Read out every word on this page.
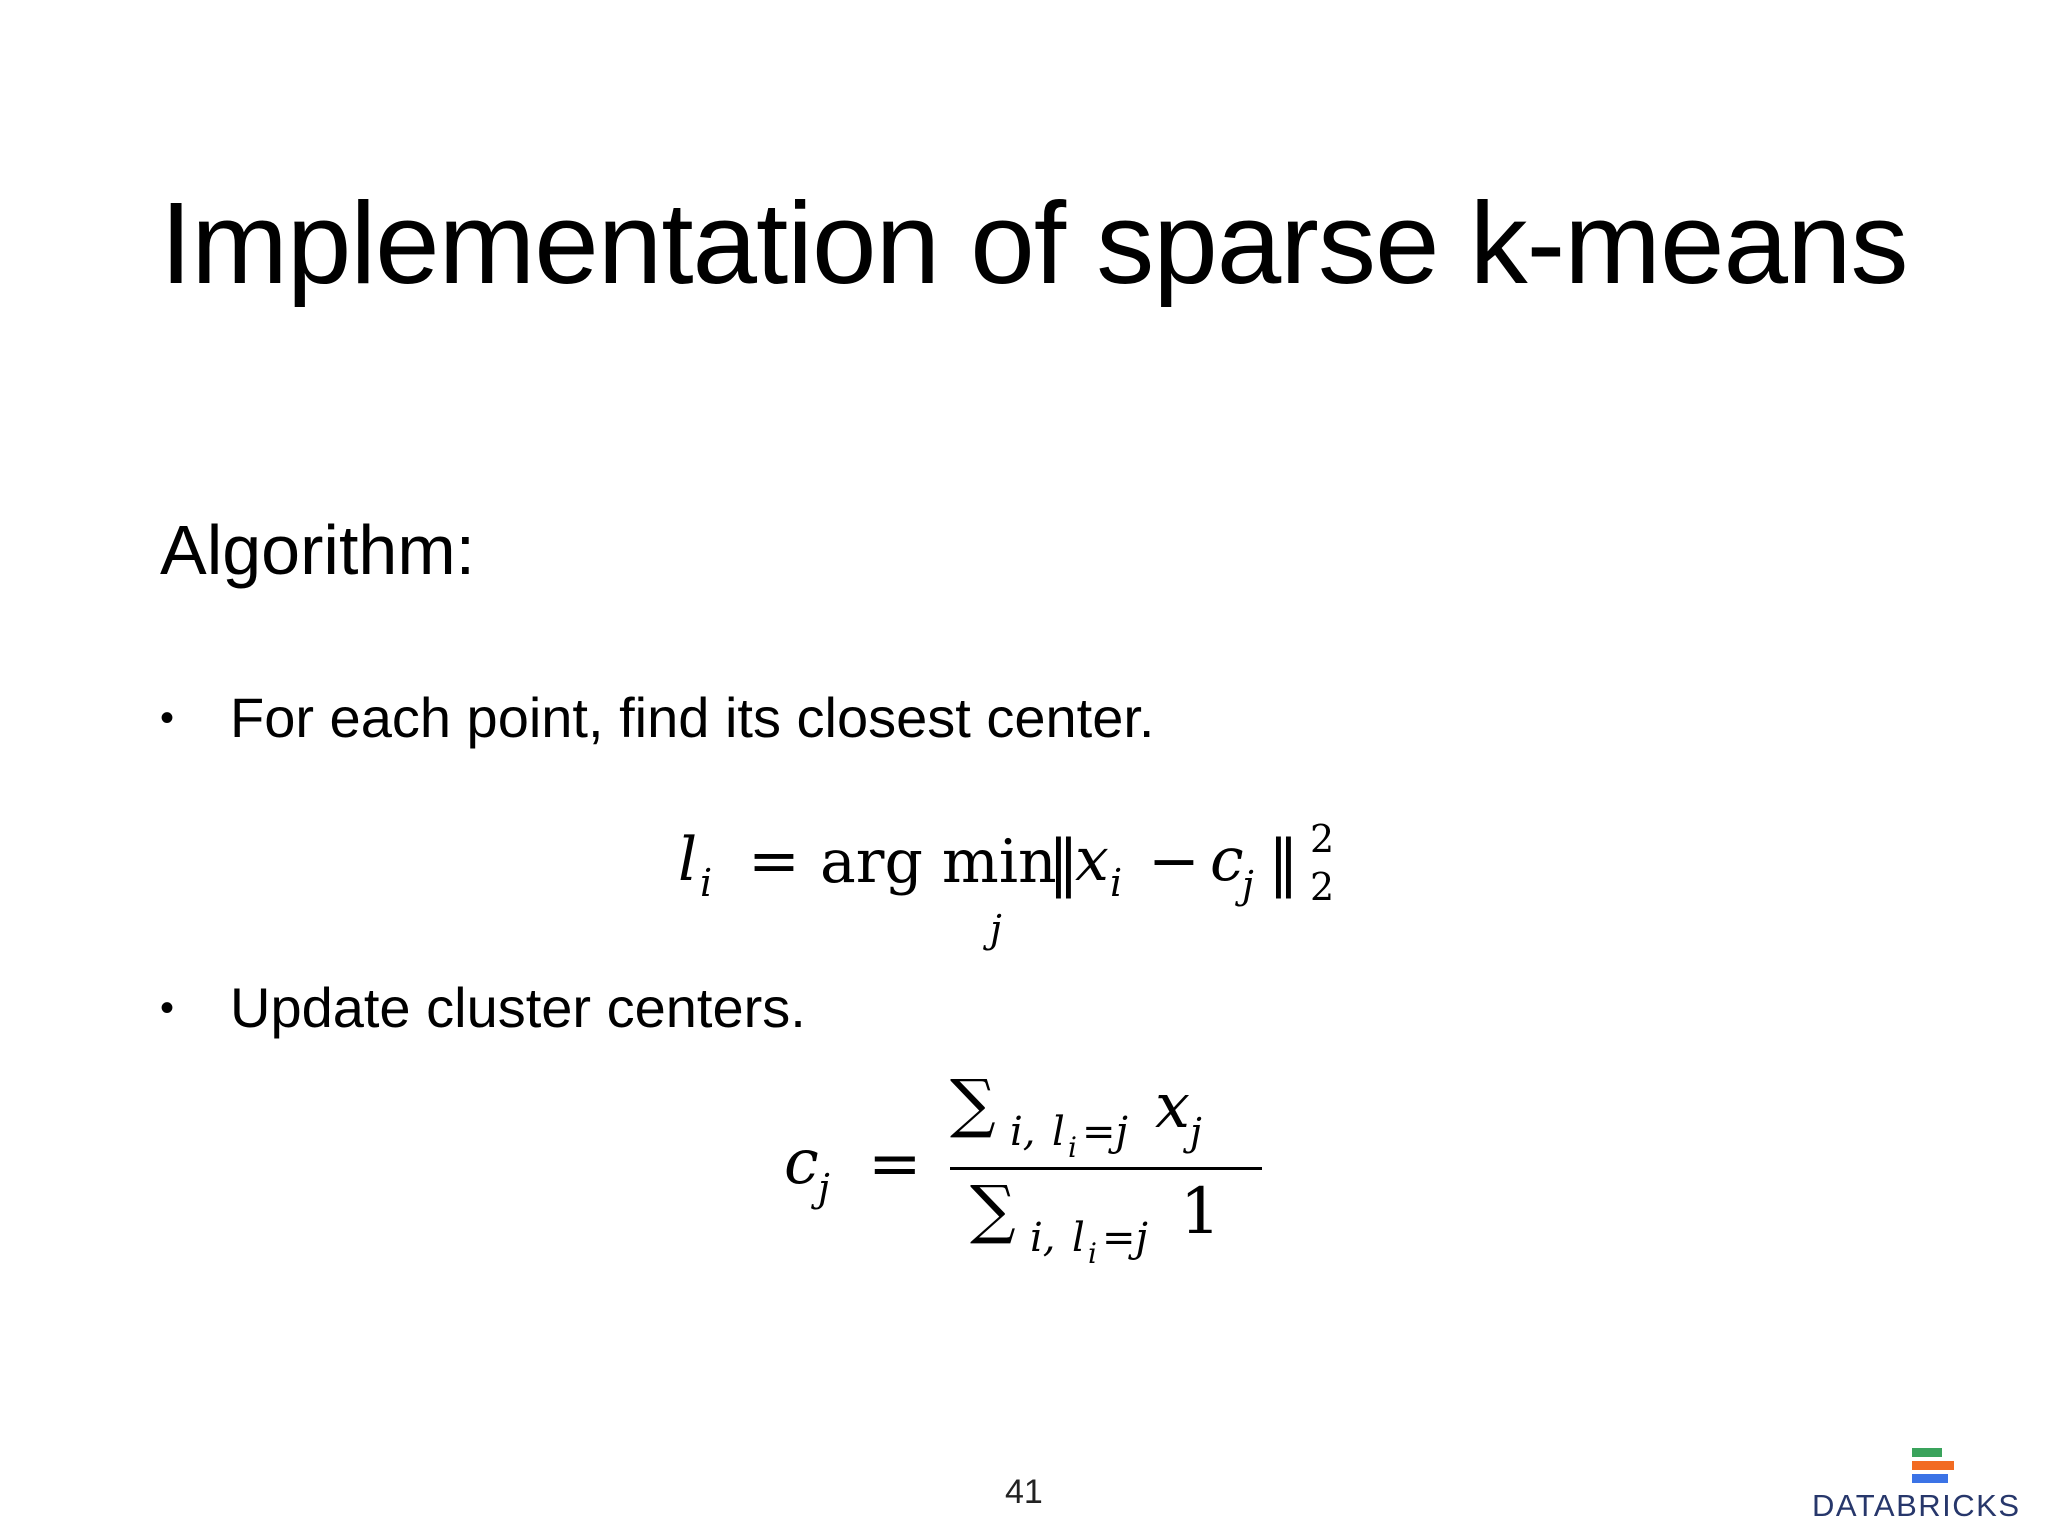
Implementation of sparse k-means
Algorithm:
• For each point, find its closest center.
l i = arg min
j
‖
x i − c
j ‖ 2
2
• Update cluster centers.
c j =
∑ i, l i =j x j
∑ i, l i =j 1
41	DATABRICKS
